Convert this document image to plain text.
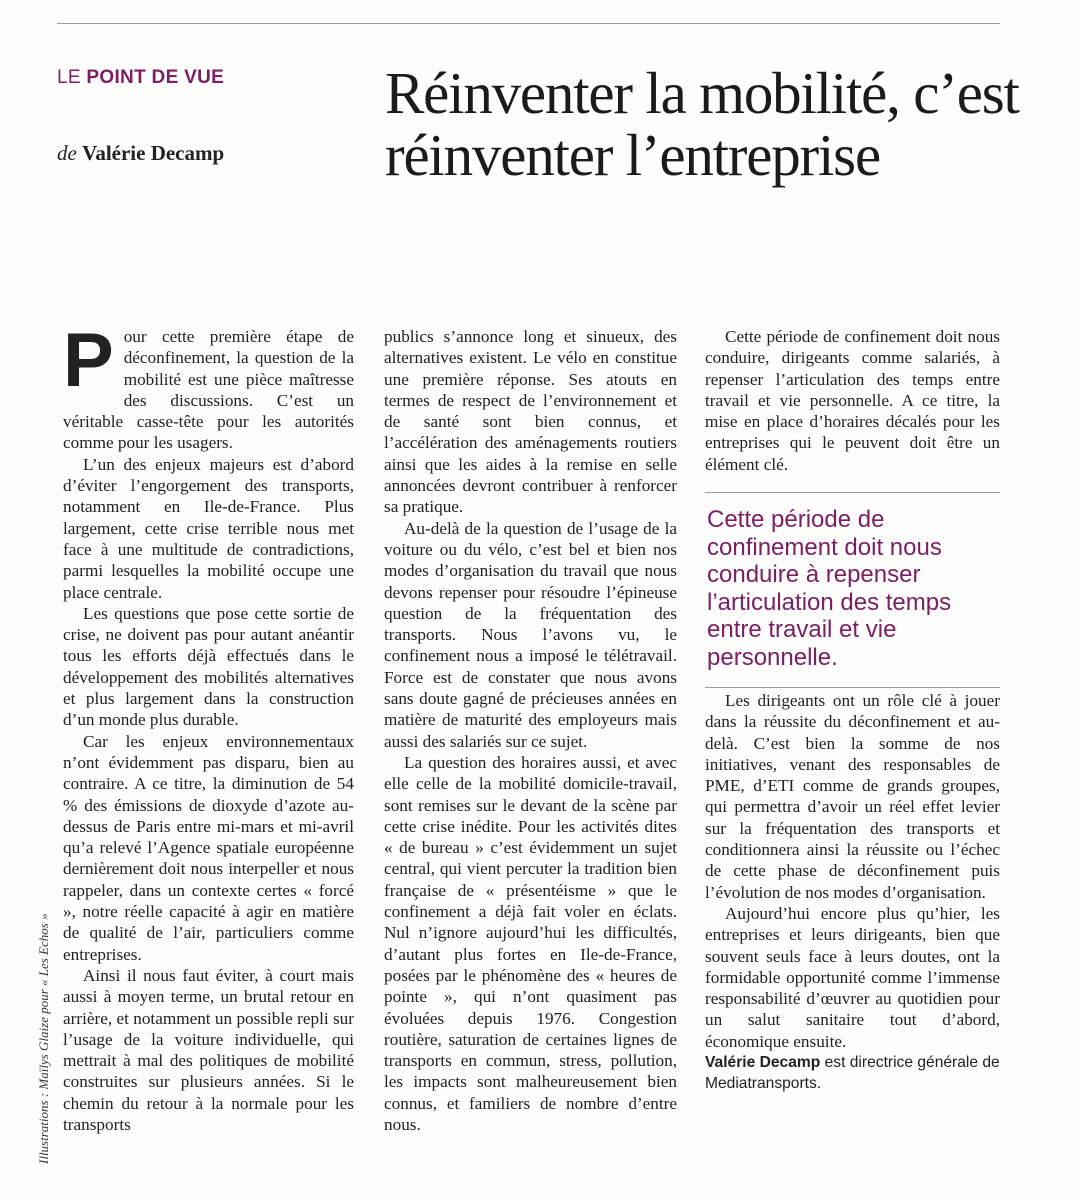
LE POINT DE VUE
de Valérie Decamp
Réinventer la mobilité, c’est réinventer l’entreprise

Pour cette première étape de déconfinement, la question de la mobilité est une pièce maîtresse des discussions. C’est un véritable casse-tête pour les autorités comme pour les usagers.

L’un des enjeux majeurs est d’abord d’éviter l’engorgement des transports, notamment en Ile-de-France. Plus largement, cette crise terrible nous met face à une multitude de contradictions, parmi lesquelles la mobilité occupe une place centrale.

Les questions que pose cette sortie de crise, ne doivent pas pour autant anéantir tous les efforts déjà effectués dans le développement des mobilités alternatives et plus largement dans la construction d’un monde plus durable.

Car les enjeux environnementaux n’ont évidemment pas disparu, bien au contraire. A ce titre, la diminution de 54 % des émissions de dioxyde d’azote au-dessus de Paris entre mi-mars et mi-avril qu’a relevé l’Agence spatiale européenne dernièrement doit nous interpeller et nous rappeler, dans un contexte certes « forcé », notre réelle capacité à agir en matière de qualité de l’air, particuliers comme entreprises.

Ainsi il nous faut éviter, à court mais aussi à moyen terme, un brutal retour en arrière, et notamment un possible repli sur l’usage de la voiture individuelle, qui mettrait à mal des politiques de mobilité construites sur plusieurs années. Si le chemin du retour à la normale pour les transports

publics s’annonce long et sinueux, des alternatives existent. Le vélo en constitue une première réponse. Ses atouts en termes de respect de l’environnement et de santé sont bien connus, et l’accélération des aménagements routiers ainsi que les aides à la remise en selle annoncées devront contribuer à renforcer sa pratique.

Au-delà de la question de l’usage de la voiture ou du vélo, c’est bel et bien nos modes d’organisation du travail que nous devons repenser pour résoudre l’épineuse question de la fréquentation des transports. Nous l’avons vu, le confinement nous a imposé le télétravail. Force est de constater que nous avons sans doute gagné de précieuses années en matière de maturité des employeurs mais aussi des salariés sur ce sujet.

La question des horaires aussi, et avec elle celle de la mobilité domicile-travail, sont remises sur le devant de la scène par cette crise inédite. Pour les activités dites « de bureau » c’est évidemment un sujet central, qui vient percuter la tradition bien française de « présentéisme » que le confinement a déjà fait voler en éclats. Nul n’ignore aujourd’hui les difficultés, d’autant plus fortes en Ile-de-France, posées par le phénomène des « heures de pointe », qui n’ont quasiment pas évoluées depuis 1976. Congestion routière, saturation de certaines lignes de transports en commun, stress, pollution, les impacts sont malheureusement bien connus, et familiers de nombre d’entre nous.

Cette période de confinement doit nous conduire, dirigeants comme salariés, à repenser l’articulation des temps entre travail et vie personnelle. A ce titre, la mise en place d’horaires décalés pour les entreprises qui le peuvent doit être un élément clé.

Cette période de confinement doit nous conduire à repenser l’articulation des temps entre travail et vie personnelle.

Les dirigeants ont un rôle clé à jouer dans la réussite du déconfinement et au-delà. C’est bien la somme de nos initiatives, venant des responsables de PME, d’ETI comme de grands groupes, qui permettra d’avoir un réel effet levier sur la fréquentation des transports et conditionnera ainsi la réussite ou l’échec de cette phase de déconfinement puis l’évolution de nos modes d’organisation.

Aujourd’hui encore plus qu’hier, les entreprises et leurs dirigeants, bien que souvent seuls face à leurs doutes, ont la formidable opportunité comme l’immense responsabilité d’œuvrer au quotidien pour un salut sanitaire tout d’abord, économique ensuite.

Valérie Decamp est directrice générale de Mediatransports.

Illustrations : Maïlys Glaize pour « Les Echos »
